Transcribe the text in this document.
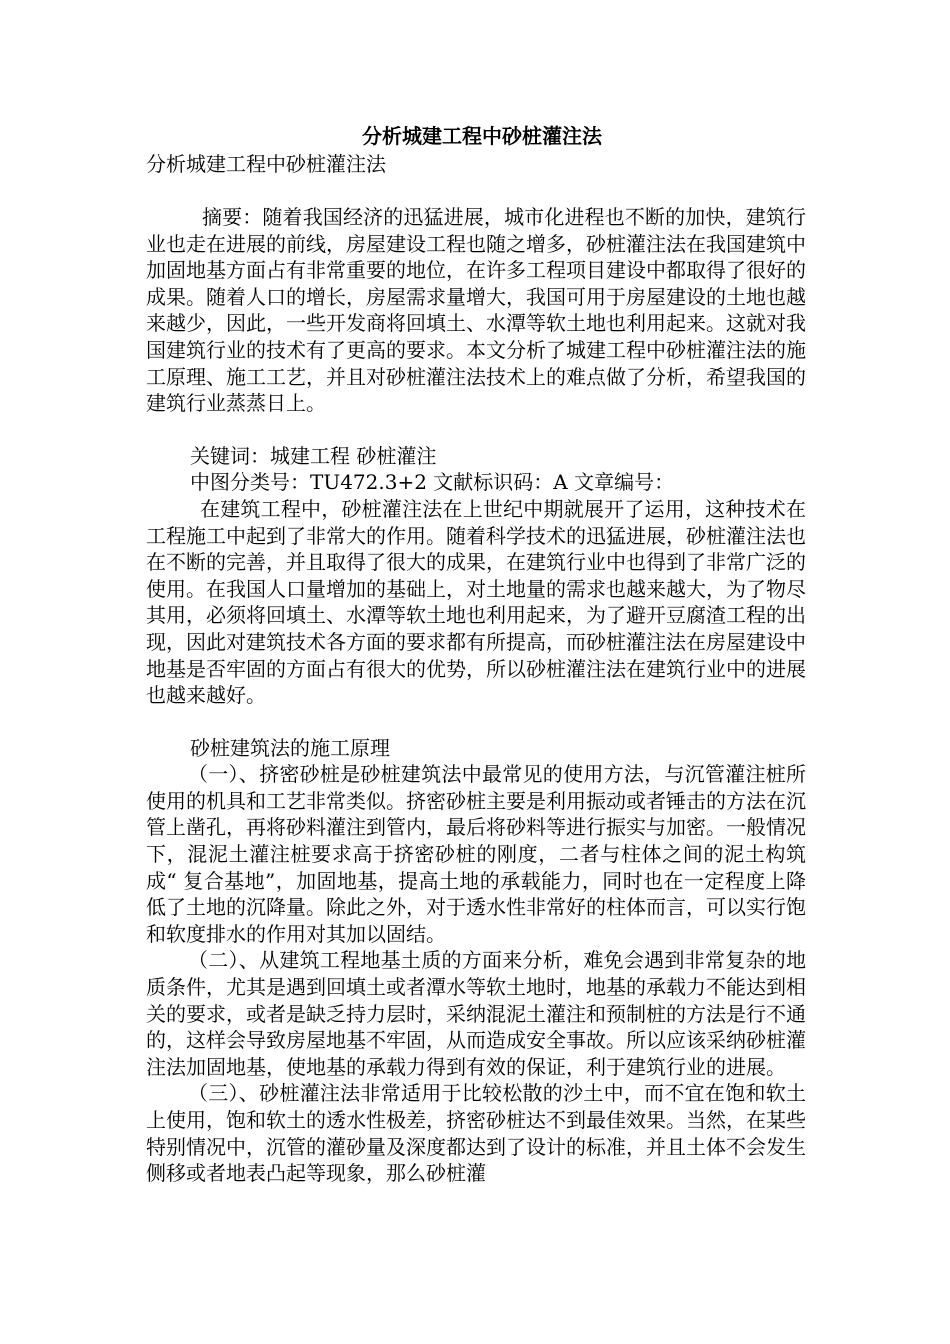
分析城建工程中砂桩灌注法
分析城建工程中砂桩灌注法

摘要：随着我国经济的迅猛进展，城市化进程也不断的加快，建筑行业也走在进展的前线，房屋建设工程也随之增多，砂桩灌注法在我国建筑中加固地基方面占有非常重要的地位，在许多工程项目建设中都取得了很好的成果。随着人口的增长，房屋需求量增大，我国可用于房屋建设的土地也越来越少，因此，一些开发商将回填土、水潭等软土地也利用起来。这就对我国建筑行业的技术有了更高的要求。本文分析了城建工程中砂桩灌注法的施工原理、施工工艺，并且对砂桩灌注法技术上的难点做了分析，希望我国的建筑行业蒸蒸日上。

关键词：城建工程 砂桩灌注
中图分类号：TU472.3+2 文献标识码：A 文章编号：

在建筑工程中，砂桩灌注法在上世纪中期就展开了运用，这种技术在工程施工中起到了非常大的作用。随着科学技术的迅猛进展，砂桩灌注法也在不断的完善，并且取得了很大的成果，在建筑行业中也得到了非常广泛的使用。在我国人口量增加的基础上，对土地量的需求也越来越大，为了物尽其用，必须将回填土、水潭等软土地也利用起来，为了避开豆腐渣工程的出现，因此对建筑技术各方面的要求都有所提高，而砂桩灌注法在房屋建设中地基是否牢固的方面占有很大的优势，所以砂桩灌注法在建筑行业中的进展也越来越好。

砂桩建筑法的施工原理

（一）、挤密砂桩是砂桩建筑法中最常见的使用方法，与沉管灌注桩所使用的机具和工艺非常类似。挤密砂桩主要是利用振动或者锤击的方法在沉管上凿孔，再将砂料灌注到管内，最后将砂料等进行振实与加密。一般情况下，混泥土灌注桩要求高于挤密砂桩的刚度，二者与柱体之间的泥土构筑成“ 复合基地”，加固地基，提高土地的承载能力，同时也在一定程度上降低了土地的沉降量。除此之外，对于透水性非常好的柱体而言，可以实行饱和软度排水的作用对其加以固结。

（二）、从建筑工程地基土质的方面来分析，难免会遇到非常复杂的地质条件，尤其是遇到回填土或者潭水等软土地时，地基的承载力不能达到相关的要求，或者是缺乏持力层时，采纳混泥土灌注和预制桩的方法是行不通的，这样会导致房屋地基不牢固，从而造成安全事故。所以应该采纳砂桩灌注法加固地基，使地基的承载力得到有效的保证，利于建筑行业的进展。

（三）、砂桩灌注法非常适用于比较松散的沙土中，而不宜在饱和软土上使用，饱和软土的透水性极差，挤密砂桩达不到最佳效果。当然，在某些特别情况中，沉管的灌砂量及深度都达到了设计的标准，并且土体不会发生侧移或者地表凸起等现象，那么砂桩灌
